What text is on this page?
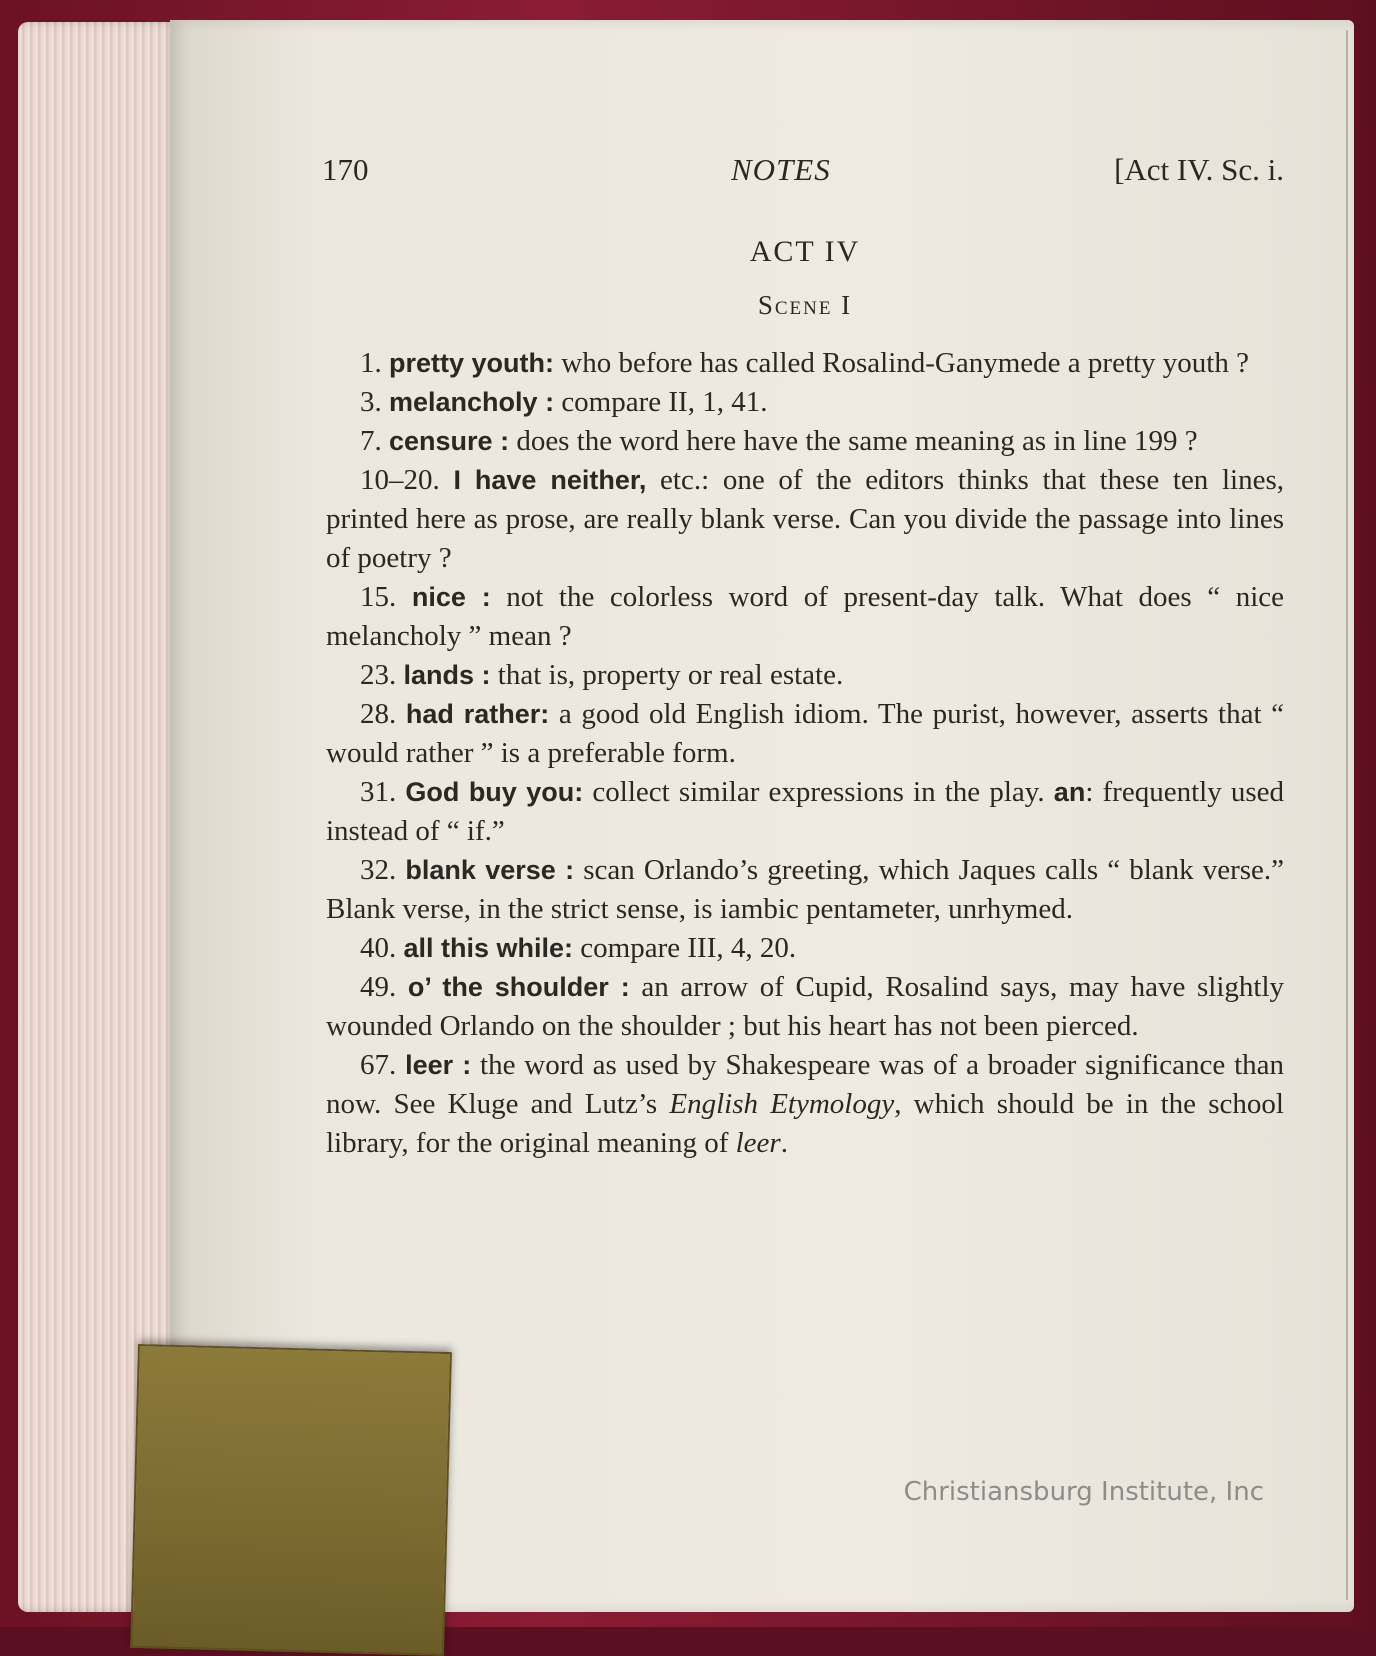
170	NOTES	[Act IV. Sc. i.
ACT IV
Scene I

1. pretty youth: who before has called Rosalind-Ganymede a pretty youth ?

3. melancholy : compare II, 1, 41.

7. censure : does the word here have the same meaning as in line 199 ?

10–20. I have neither, etc.: one of the editors thinks that these ten lines, printed here as prose, are really blank verse. Can you divide the passage into lines of poetry ?

15. nice : not the colorless word of present-day talk. What does “ nice melancholy ” mean ?

23. lands : that is, property or real estate.

28. had rather: a good old English idiom. The purist, however, asserts that “ would rather ” is a preferable form.

31. God buy you: collect similar expressions in the play. an: frequently used instead of “ if.”

32. blank verse : scan Orlando’s greeting, which Jaques calls “ blank verse.” Blank verse, in the strict sense, is iambic pentameter, unrhymed.

40. all this while: compare III, 4, 20.

49. o’ the shoulder : an arrow of Cupid, Rosalind says, may have slightly wounded Orlando on the shoulder ; but his heart has not been pierced.

67. leer : the word as used by Shakespeare was of a broader significance than now. See Kluge and Lutz’s English Etymology, which should be in the school library, for the original meaning of leer.

Christiansburg Institute, Inc
